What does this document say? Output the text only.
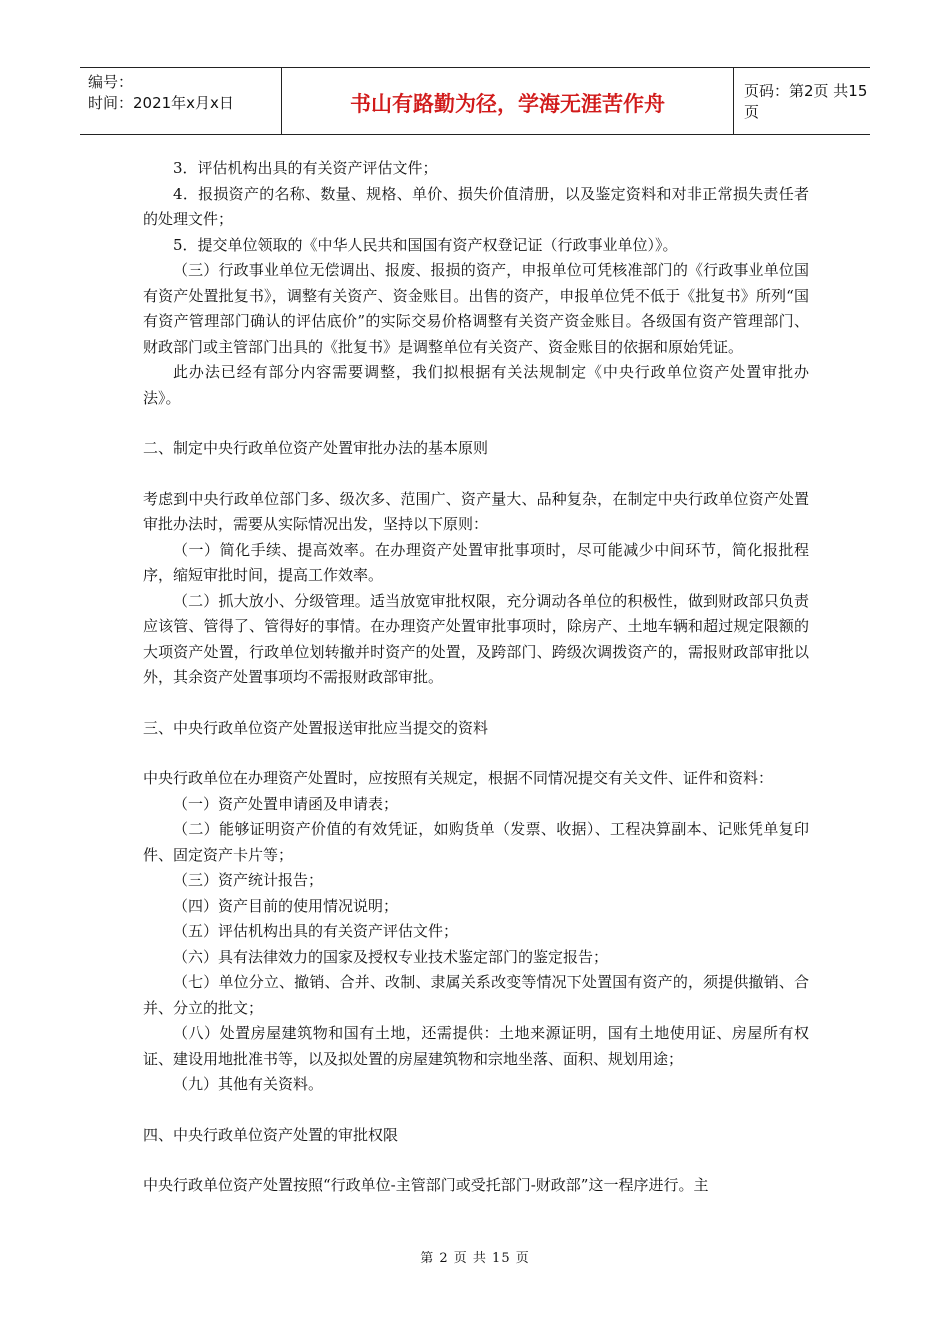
编号：
时间：2021年x月x日	书山有路勤为径，学海无涯苦作舟
页码：第2页 共15页

3．评估机构出具的有关资产评估文件；

4．报损资产的名称、数量、规格、单价、损失价值清册，以及鉴定资料和对非正常损失责任者的处理文件；

5．提交单位领取的《中华人民共和国国有资产权登记证（行政事业单位）》。

（三）行政事业单位无偿调出、报废、报损的资产，申报单位可凭核准部门的《行政事业单位国有资产处置批复书》，调整有关资产、资金账目。出售的资产，申报单位凭不低于《批复书》所列“国有资产管理部门确认的评估底价”的实际交易价格调整有关资产资金账目。各级国有资产管理部门、财政部门或主管部门出具的《批复书》是调整单位有关资产、资金账目的依据和原始凭证。

此办法已经有部分内容需要调整，我们拟根据有关法规制定《中央行政单位资产处置审批办法》。

二、制定中央行政单位资产处置审批办法的基本原则

考虑到中央行政单位部门多、级次多、范围广、资产量大、品种复杂，在制定中央行政单位资产处置审批办法时，需要从实际情况出发，坚持以下原则：

（一）简化手续、提高效率。在办理资产处置审批事项时，尽可能减少中间环节，简化报批程序，缩短审批时间，提高工作效率。

（二）抓大放小、分级管理。适当放宽审批权限，充分调动各单位的积极性，做到财政部只负责应该管、管得了、管得好的事情。在办理资产处置审批事项时，除房产、土地车辆和超过规定限额的大项资产处置，行政单位划转撤并时资产的处置，及跨部门、跨级次调拨资产的，需报财政部审批以外，其余资产处置事项均不需报财政部审批。

三、中央行政单位资产处置报送审批应当提交的资料

中央行政单位在办理资产处置时，应按照有关规定，根据不同情况提交有关文件、证件和资料：

（一）资产处置申请函及申请表；

（二）能够证明资产价值的有效凭证，如购货单（发票、收据）、工程决算副本、记账凭单复印件、固定资产卡片等；

（三）资产统计报告；

（四）资产目前的使用情况说明；

（五）评估机构出具的有关资产评估文件；

（六）具有法律效力的国家及授权专业技术鉴定部门的鉴定报告；

（七）单位分立、撤销、合并、改制、隶属关系改变等情况下处置国有资产的，须提供撤销、合并、分立的批文；

（八）处置房屋建筑物和国有土地，还需提供：土地来源证明，国有土地使用证、房屋所有权证、建设用地批准书等，以及拟处置的房屋建筑物和宗地坐落、面积、规划用途；

（九）其他有关资料。

四、中央行政单位资产处置的审批权限

中央行政单位资产处置按照“行政单位-主管部门或受托部门-财政部”这一程序进行。主

第 2 页 共 15 页
